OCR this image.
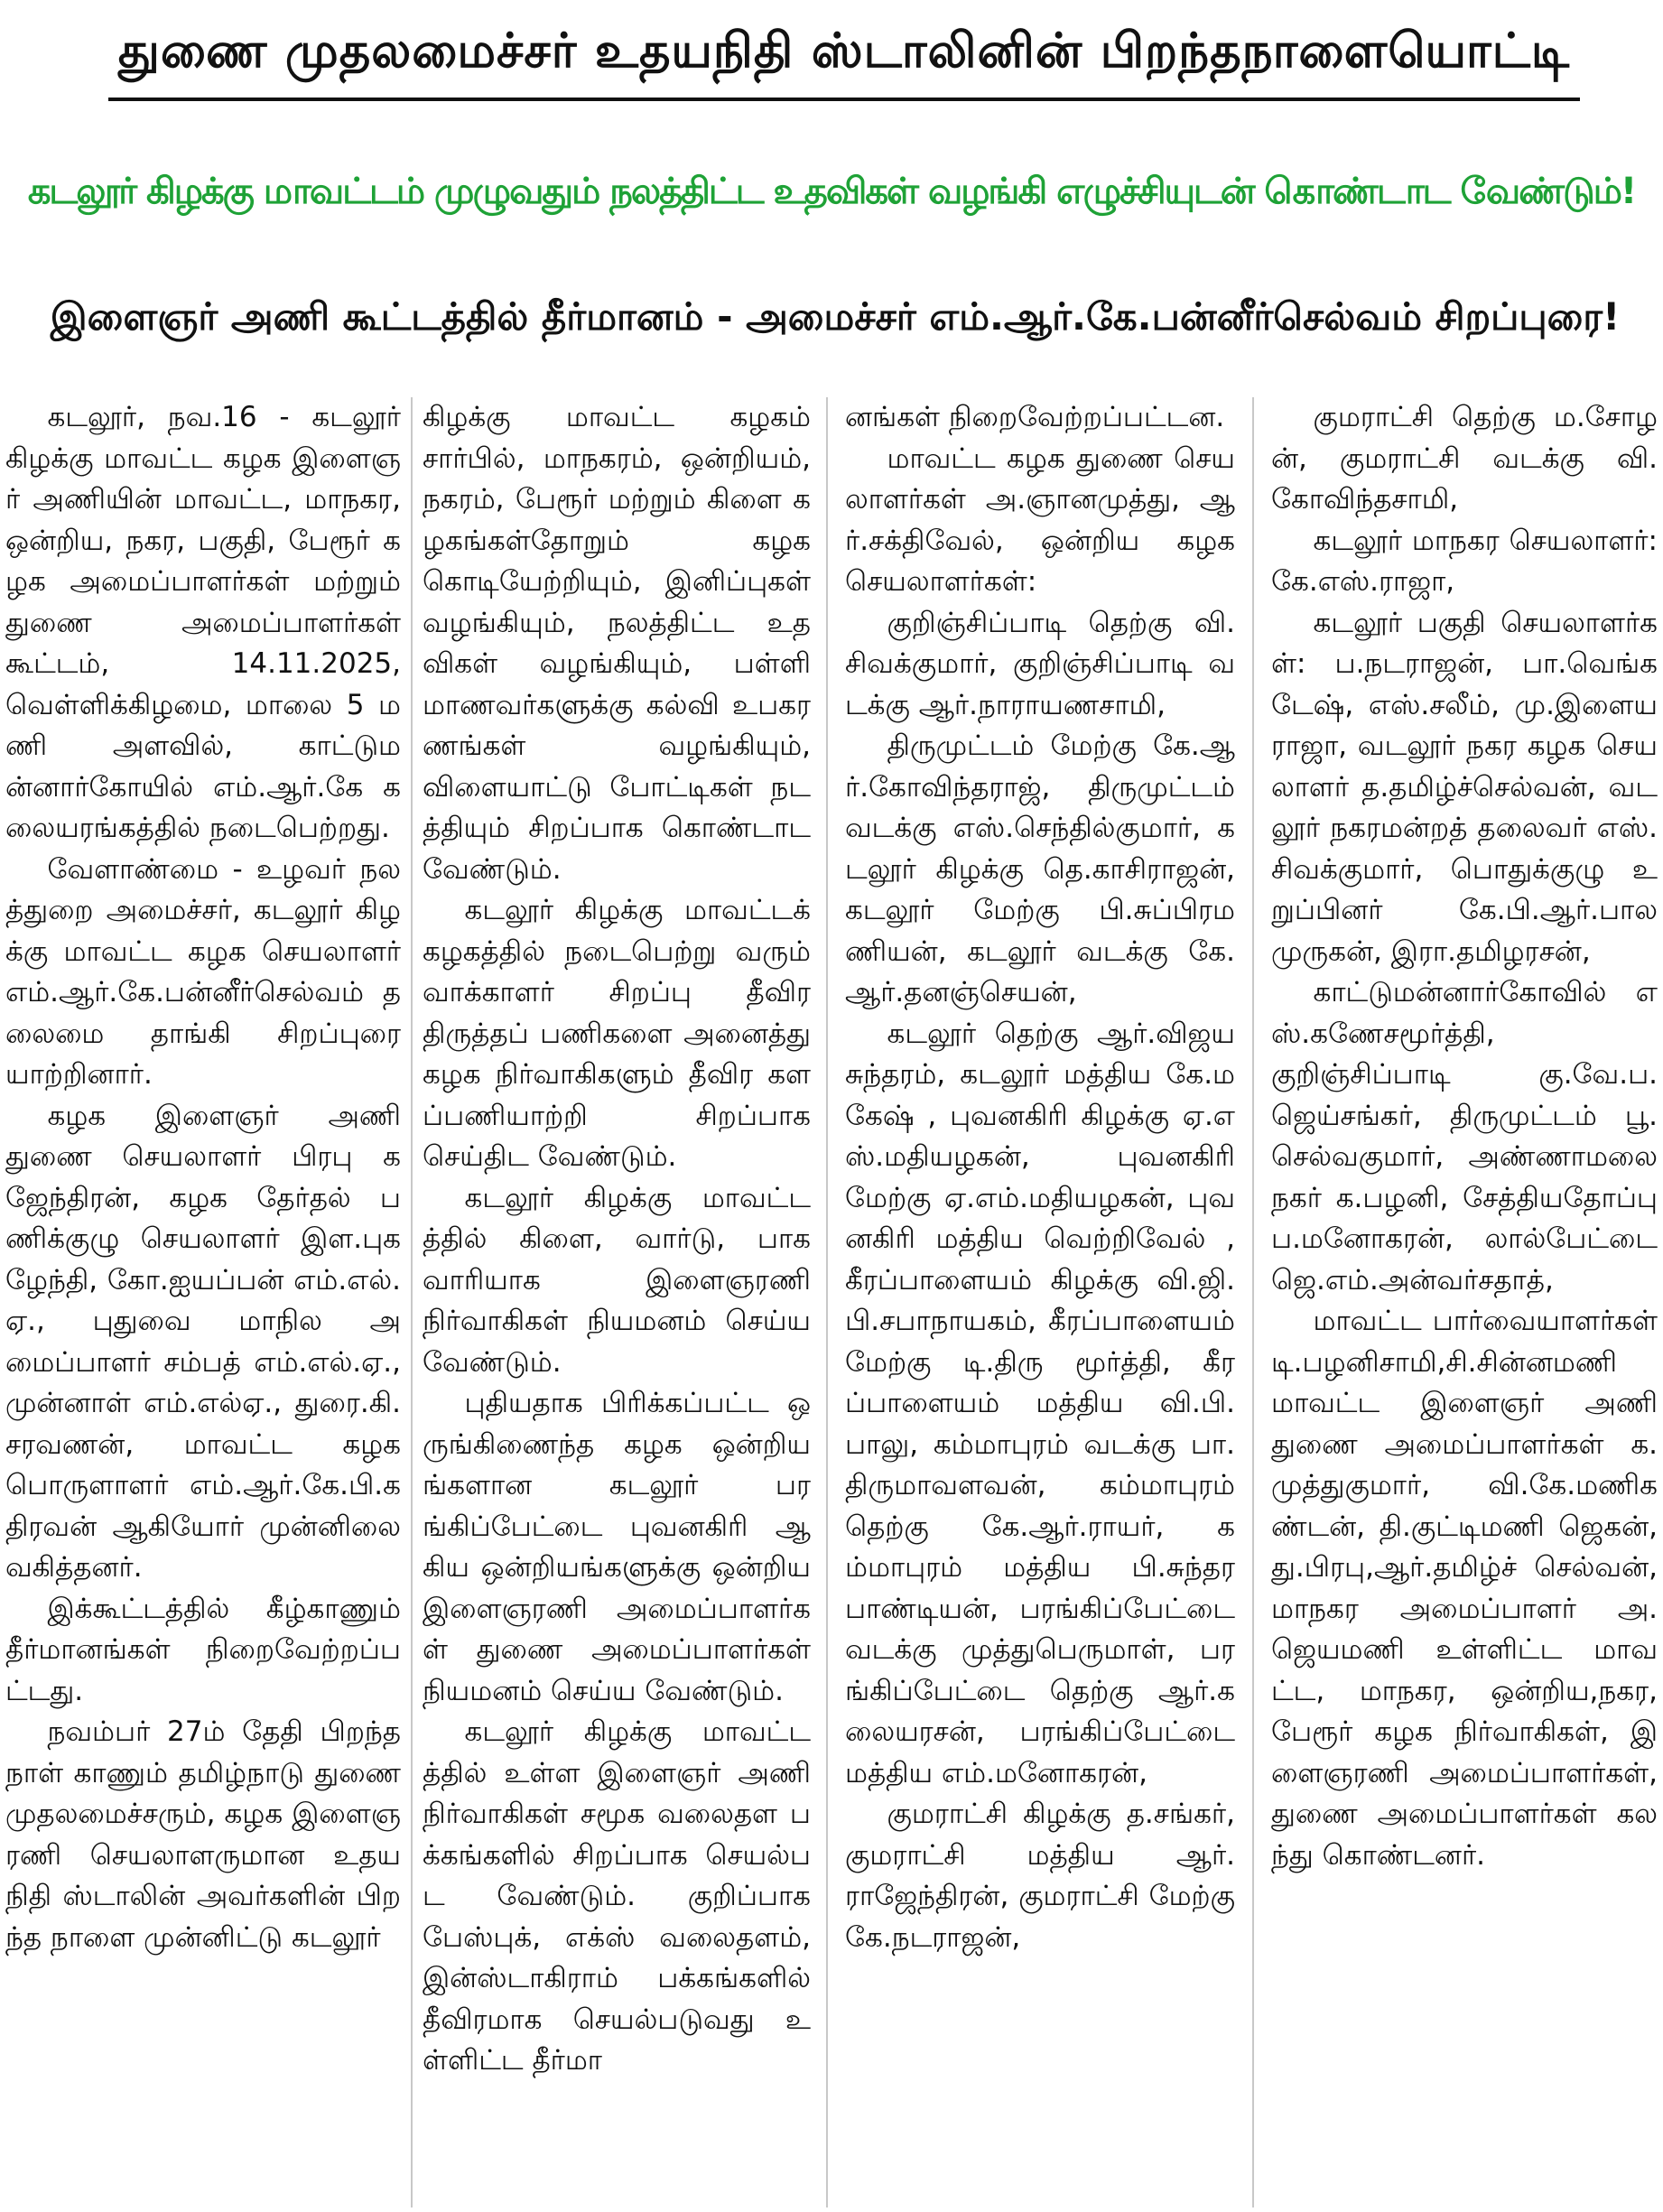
துணை முதலமைச்சர் உதயநிதி ஸ்டாலினின் பிறந்தநாளையொட்டி
கடலூர் கிழக்கு மாவட்டம் முழுவதும் நலத்திட்ட உதவிகள் வழங்கி எழுச்சியுடன் கொண்டாட வேண்டும்!
இளைஞர் அணி கூட்டத்தில் தீர்மானம் - அமைச்சர் எம்.ஆர்.கே.பன்னீர்செல்வம் சிறப்புரை!

கடலூர், நவ.16 - கடலூர் கிழக்கு மாவட்ட கழக இளைஞர் அணியின் மாவட்ட, மாநகர, ஒன்றிய, நகர, பகுதி, பேரூர் கழக அமைப்பாளர்கள் மற்றும் துணை அமைப்பாளர்கள் கூட்டம், 14.11.2025, வெள்ளிக்கிழமை, மாலை 5 மணி அளவில், காட்டுமன்னார்கோயில் எம்.ஆர்.கே கலையரங்கத்தில் நடைபெற்றது.

வேளாண்மை - உழவர் நலத்துறை அமைச்சர், கடலூர் கிழக்கு மாவட்ட கழக செயலாளர் எம்.ஆர்.கே.பன்னீர்செல்வம் தலைமை தாங்கி சிறப்புரை யாற்றினார்.

கழக இளைஞர் அணி துணை செயலாளர் பிரபு கஜேந்திரன், கழக தேர்தல் பணிக்குழு செயலாளர் இள.புகழேந்தி, கோ.ஐயப்பன் எம்.எல்.ஏ., புதுவை மாநில அமைப்பாளர் சம்பத் எம்.எல்.ஏ., முன்னாள் எம்.எல்ஏ., துரை.கி.சரவணன், மாவட்ட கழக பொருளாளர் எம்.ஆர்.கே.பி.கதிரவன் ஆகியோர் முன்னிலை வகித்தனர்.

இக்கூட்டத்தில் கீழ்காணும் தீர்மானங்கள் நிறைவேற்றப்பட்டது.

நவம்பர் 27ம் தேதி பிறந்த நாள் காணும் தமிழ்நாடு துணை முதலமைச்சரும், கழக இளைஞரணி செயலாளருமான உதயநிதி ஸ்டாலின் அவர்களின் பிறந்த நாளை முன்னிட்டு கடலூர்

கிழக்கு மாவட்ட கழகம் சார்பில், மாநகரம், ஒன்றியம், நகரம், பேரூர் மற்றும் கிளை கழகங்கள்தோறும் கழக கொடியேற்றியும், இனிப்புகள் வழங்கியும், நலத்திட்ட உதவிகள் வழங்கியும், பள்ளி மாணவர்களுக்கு கல்வி உபகரணங்கள் வழங்கியும், விளையாட்டு போட்டிகள் நடத்தியும் சிறப்பாக கொண்டாட வேண்டும்.

கடலூர் கிழக்கு மாவட்டக் கழகத்தில் நடைபெற்று வரும் வாக்காளர் சிறப்பு தீவிர திருத்தப் பணிகளை அனைத்து கழக நிர்வாகிகளும் தீவிர களப்பணியாற்றி சிறப்பாக செய்திட வேண்டும்.

கடலூர் கிழக்கு மாவட்டத்தில் கிளை, வார்டு, பாக வாரியாக இளைஞரணி நிர்வாகிகள் நியமனம் செய்ய வேண்டும்.

புதியதாக பிரிக்கப்பட்ட ஒருங்கிணைந்த கழக ஒன்றியங்களான கடலூர் பரங்கிப்பேட்டை புவனகிரி ஆகிய ஒன்றியங்களுக்கு ஒன்றிய இளைஞரணி அமைப்பாளர்கள் துணை அமைப்பாளர்கள் நியமனம் செய்ய வேண்டும்.

கடலூர் கிழக்கு மாவட்டத்தில் உள்ள இளைஞர் அணி நிர்வாகிகள் சமூக வலைதள பக்கங்களில் சிறப்பாக செயல்பட வேண்டும். குறிப்பாக பேஸ்புக், எக்ஸ் வலைதளம், இன்ஸ்டாகிராம் பக்கங்களில் தீவிரமாக செயல்படுவது உள்ளிட்ட தீர்மா

னங்கள் நிறைவேற்றப்பட்டன.

மாவட்ட கழக துணை செயலாளர்கள் அ.ஞானமுத்து, ஆர்.சக்திவேல், ஒன்றிய கழக செயலாளர்கள்:

குறிஞ்சிப்பாடி தெற்கு வி.சிவக்குமார், குறிஞ்சிப்பாடி வடக்கு ஆர்.நாராயணசாமி,

திருமுட்டம் மேற்கு கே.ஆர்.கோவிந்தராஜ், திருமுட்டம் வடக்கு எஸ்.செந்தில்குமார், கடலூர் கிழக்கு தெ.காசிராஜன், கடலூர் மேற்கு பி.சுப்பிரமணியன், கடலூர் வடக்கு கே.ஆர்.தனஞ்செயன்,

கடலூர் தெற்கு ஆர்.விஜயசுந்தரம், கடலூர் மத்திய கே.மகேஷ் , புவனகிரி கிழக்கு ஏ.எஸ்.மதியழகன், புவனகிரி மேற்கு ஏ.எம்.மதியழகன், புவனகிரி மத்திய வெற்றிவேல் , கீரப்பாளையம் கிழக்கு வி.ஜி.பி.சபாநாயகம், கீரப்பாளையம் மேற்கு டி.திரு மூர்த்தி, கீரப்பாளையம் மத்திய வி.பி.பாலு, கம்மாபுரம் வடக்கு பா.திருமாவளவன், கம்மாபுரம் தெற்கு கே.ஆர்.ராயர், கம்மாபுரம் மத்திய பி.சுந்தரபாண்டியன், பரங்கிப்பேட்டை வடக்கு முத்துபெருமாள், பரங்கிப்பேட்டை தெற்கு ஆர்.கலையரசன், பரங்கிப்பேட்டை மத்திய எம்.மனோகரன்,

குமராட்சி கிழக்கு த.சங்கர், குமராட்சி மத்திய ஆர்.ராஜேந்திரன், குமராட்சி மேற்கு கே.நடராஜன்,

குமராட்சி தெற்கு ம.சோழன், குமராட்சி வடக்கு வி.கோவிந்தசாமி,

கடலூர் மாநகர செயலாளர்: கே.எஸ்.ராஜா,

கடலூர் பகுதி செயலாளர்கள்: ப.நடராஜன், பா.வெங்கடேஷ், எஸ்.சலீம், மு.இளையராஜா, வடலூர் நகர கழக செயலாளர் த.தமிழ்ச்செல்வன், வடலூர் நகரமன்றத் தலைவர் எஸ்.சிவக்குமார், பொதுக்குழு உறுப்பினர் கே.பி.ஆர்.பாலமுருகன், இரா.தமிழரசன்,

காட்டுமன்னார்கோவில் எஸ்.கணேசமூர்த்தி, குறிஞ்சிப்பாடி கு.வே.ப.ஜெய்சங்கர், திருமுட்டம் பூ.செல்வகுமார், அண்ணாமலை நகர் க.பழனி, சேத்தியதோப்பு ப.மனோகரன், லால்பேட்டை ஜெ.எம்.அன்வர்சதாத்,

மாவட்ட பார்வையாளர்கள் டி.பழனிசாமி,சி.சின்னமணி மாவட்ட இளைஞர் அணி துணை அமைப்பாளர்கள் க.முத்துகுமார், வி.கே.மணிகண்டன், தி.குட்டிமணி ஜெகன், து.பிரபு,ஆர்.தமிழ்ச் செல்வன், மாநகர அமைப்பாளர் அ.ஜெயமணி உள்ளிட்ட மாவட்ட, மாநகர, ஒன்றிய,நகர, பேரூர் கழக நிர்வாகிகள், இளைஞரணி அமைப்பாளர்கள், துணை அமைப்பாளர்கள் கலந்து கொண்டனர்.
